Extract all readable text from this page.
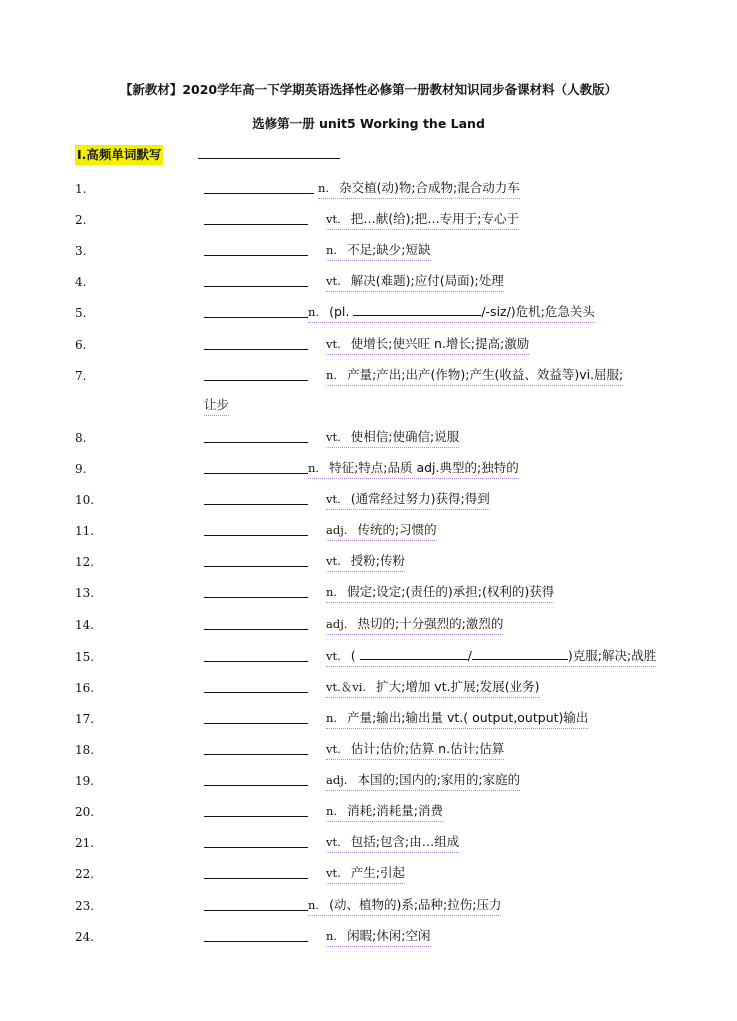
【新教材】2020学年高一下学期英语选择性必修第一册教材知识同步备课材料（人教版）
选修第一册 unit5 Working the Land
I.高频单词默写
1.	n. 杂交植(动)物;合成物;混合动力车
2.	vt. 把…献(给);把…专用于;专心于
3.	n. 不足;缺少;短缺
4.	vt. 解决(难题);应付(局面);处理
5.	n. (pl.	/-siz/)危机;危急关头
6.	vt. 使增长;使兴旺 n.增长;提高;激励
7.	n. 产量;产出;出产(作物);产生(收益、效益等)vi.屈服;
让步
8.	vt. 使相信;使确信;说服
9.	n. 特征;特点;品质 adj.典型的;独特的
10.	vt. (通常经过努力)获得;得到
11.	adj. 传统的;习惯的
12.	vt. 授粉;传粉
13.	n. 假定;设定;(责任的)承担;(权利的)获得
14.	adj. 热切的;十分强烈的;激烈的
15.	vt. (	/	)克服;解决;战胜
16.	vt.＆vi. 扩大;增加 vt.扩展;发展(业务)
17.	n. 产量;输出;输出量 vt.( output,output)输出
18.	vt. 估计;估价;估算 n.估计;估算
19.	adj. 本国的;国内的;家用的;家庭的
20.	n. 消耗;消耗量;消费
21.	vt. 包括;包含;由…组成
22.	vt. 产生;引起
23.	n. (动、植物的)系;品种;拉伤;压力
24.	n. 闲暇;休闲;空闲
